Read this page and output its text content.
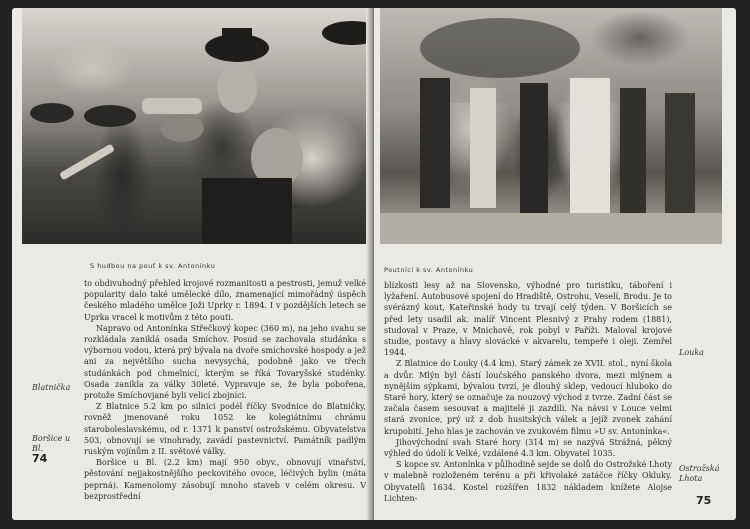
S hudbou na pouť k sv. Antonínku

to obdivuhodný přehled krojové rozmanitosti a pestrosti, jemuž velké popularity dalo také umělecké dílo, znamenající mimořádný úspěch českého mladého umělce Joži Uprky r. 1894. I v pozdějších letech se Uprka vracel k motivům z této pouti.

Napravo od Antonínka Střečkový kopec (360 m), na jeho svahu se rozkládala zaniklá osada Smíchov. Posud se zachovala studánka s výbornou vodou, která prý bývala na dvoře smíchovské hospody a jež ani za největšího sucha nevysychá, podobně jako ve třech studánkách pod chmelnicí, kterým se říká Tovaryšské studénky. Osada zanikla za války 30leté. Vypravuje se, že byla pobořena, protože Smíchovjané byli velicí zbojníci.

Z Blatnice 5.2 km po silnici podél říčky Svodnice do Blatničky, rovněž jmenované roku 1052 ke kolegiátnímu chrámu staroboleslavskému, od r. 1371 k panství ostrožskému. Obyvatelstva 503, obnovují se vinohrady, zavádí pastevnictví. Památník padlým ruským vojínům z II. světové války.

Boršice u Bl. (2.2 km) mají 950 obyv., obnovují vinařství, pěstování nejjakostnějšího peckovitého ovoce, léčivých bylin (máta peprná). Kamenolomy zásobují mnoho staveb v celém okresu. V bezprostřední

Blatnička
Boršice u Bl.
74
Poutníci k sv. Antonínku

blízkosti lesy až na Slovensko, výhodné pro turistiku, táboření i lyžaření. Autobusové spojení do Hradiště, Ostrohu, Veselí, Brodu. Je to svérázný kout, Kateřinské hody tu trvají celý týden. V Boršicích se před lety usadil ak. malíř Vincent Plesnivý z Prahy rodem (1881), studoval v Praze, v Mnichově, rok pobyl v Paříži. Maloval krojové studie, postavy a hlavy slovácké v akvarelu, tempeře i oleji. Zemřel 1944.

Z Blatnice do Louky (4.4 km). Starý zámek ze XVII. stol., nyní škola a dvůr. Mlýn byl částí loučského panského dvora, mezi mlýnem a nynějším sýpkami, bývalou tvrzí, je dlouhý sklep, vedoucí hluboko do Staré hory, který se označuje za nouzový východ z tvrze. Zadní část se začala časem sesouvat a majitelé ji zazdili. Na návsi v Louce velmi stará zvonice, prý už z dob husitských válek a jejíž zvonek zahání krupobití. Jeho hlas je zachován ve zvukovém filmu »U sv. Antonínka«.

Jihovýchodní svah Staré hory (314 m) se nazývá Strážná, pěkný výhled do údolí k Velké, vzdálené 4.3 km. Obyvatel 1035.

S kopce sv. Antonínka v půlhodině sejde se dolů do Ostrožské Lhoty v malebně rozloženém terénu a při křivolaké zatáčce říčky Okluky. Obyvatelů 1634. Kostel rozšířen 1832 nákladem knížete Alojse Lichten-

Louka
Ostrožská Lhota
75
